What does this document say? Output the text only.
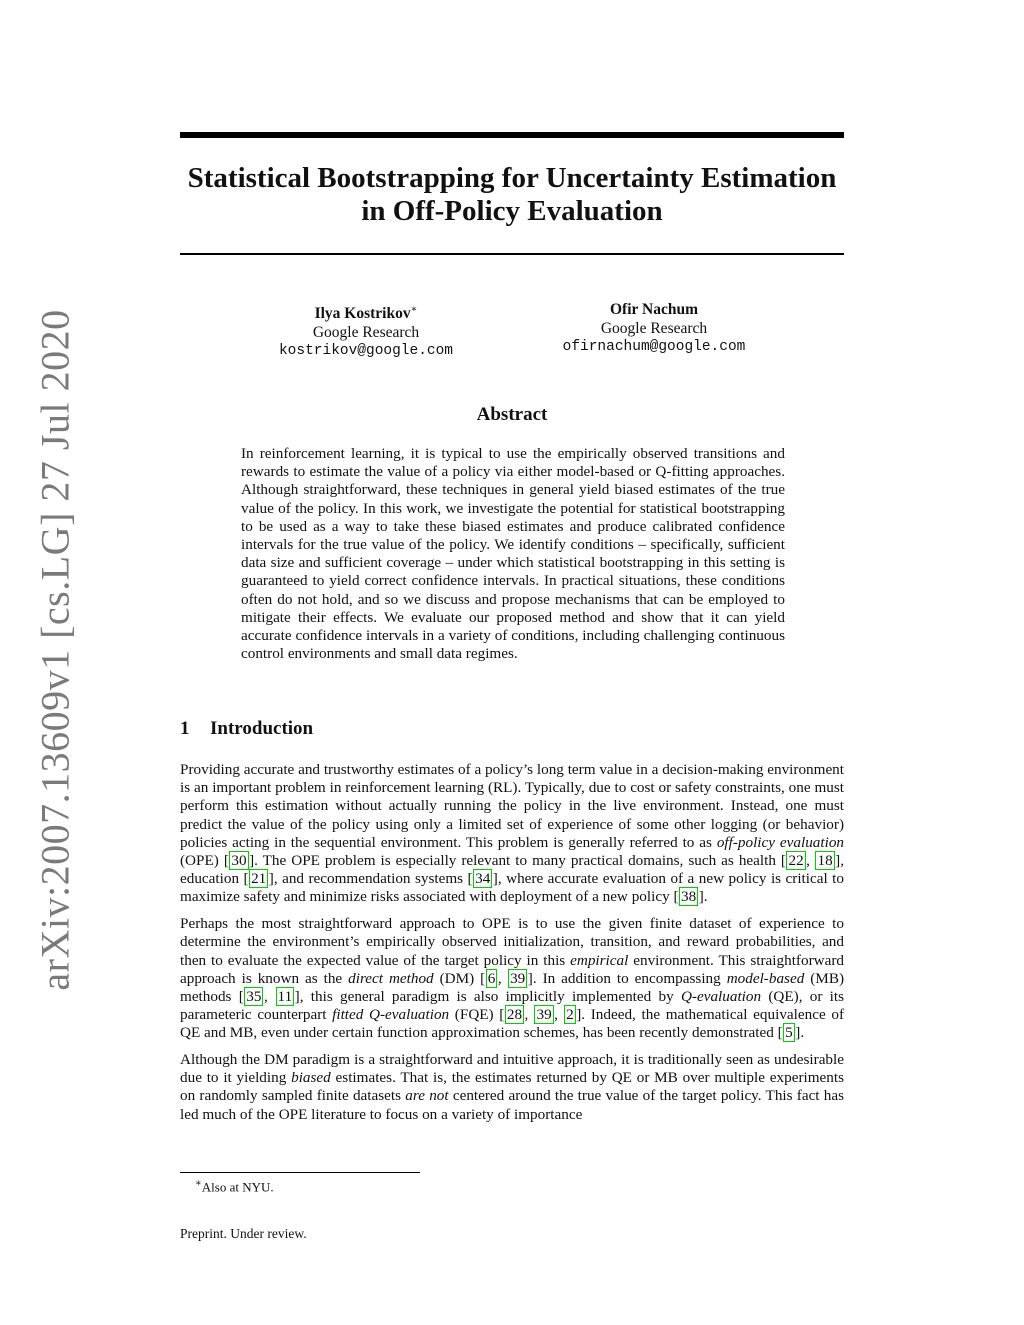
arXiv:2007.13609v1 [cs.LG] 27 Jul 2020
Statistical Bootstrapping for Uncertainty Estimation
in Off-Policy Evaluation
Ilya Kostrikov∗
Google Research
kostrikov@google.com
Ofir Nachum
Google Research
ofirnachum@google.com
Abstract
In reinforcement learning, it is typical to use the empirically observed transitions and rewards to estimate the value of a policy via either model-based or Q-fitting approaches. Although straightforward, these techniques in general yield biased estimates of the true value of the policy. In this work, we investigate the potential for statistical bootstrapping to be used as a way to take these biased estimates and produce calibrated confidence intervals for the true value of the policy. We identify conditions – specifically, sufficient data size and sufficient coverage – under which statistical bootstrapping in this setting is guaranteed to yield correct confidence intervals. In practical situations, these conditions often do not hold, and so we discuss and propose mechanisms that can be employed to mitigate their effects. We evaluate our proposed method and show that it can yield accurate confidence intervals in a variety of conditions, including challenging continuous control environments and small data regimes.
1 Introduction

Providing accurate and trustworthy estimates of a policy’s long term value in a decision-making environment is an important problem in reinforcement learning (RL). Typically, due to cost or safety constraints, one must perform this estimation without actually running the policy in the live environment. Instead, one must predict the value of the policy using only a limited set of experience of some other logging (or behavior) policies acting in the sequential environment. This problem is generally referred to as off-policy evaluation (OPE) [ 30 ]. The OPE problem is especially relevant to many practical domains, such as health [ 22 , 18 ], education [ 21 ], and recommendation systems [ 34 ], where accurate evaluation of a new policy is critical to maximize safety and minimize risks associated with deployment of a new policy [ 38 ].

Perhaps the most straightforward approach to OPE is to use the given finite dataset of experience to determine the environment’s empirically observed initialization, transition, and reward probabilities, and then to evaluate the expected value of the target policy in this empirical environment. This straightforward approach is known as the direct method (DM) [ 6 , 39 ]. In addition to encompassing model-based (MB) methods [ 35 , 11 ], this general paradigm is also implicitly implemented by Q-evaluation (QE), or its parameteric counterpart fitted Q-evaluation (FQE) [ 28 , 39 , 2 ]. Indeed, the mathematical equivalence of QE and MB, even under certain function approximation schemes, has been recently demonstrated [ 5 ].

Although the DM paradigm is a straightforward and intuitive approach, it is traditionally seen as undesirable due to it yielding biased estimates. That is, the estimates returned by QE or MB over multiple experiments on randomly sampled finite datasets are not centered around the true value of the target policy. This fact has led much of the OPE literature to focus on a variety of importance

∗Also at NYU.
Preprint. Under review.
